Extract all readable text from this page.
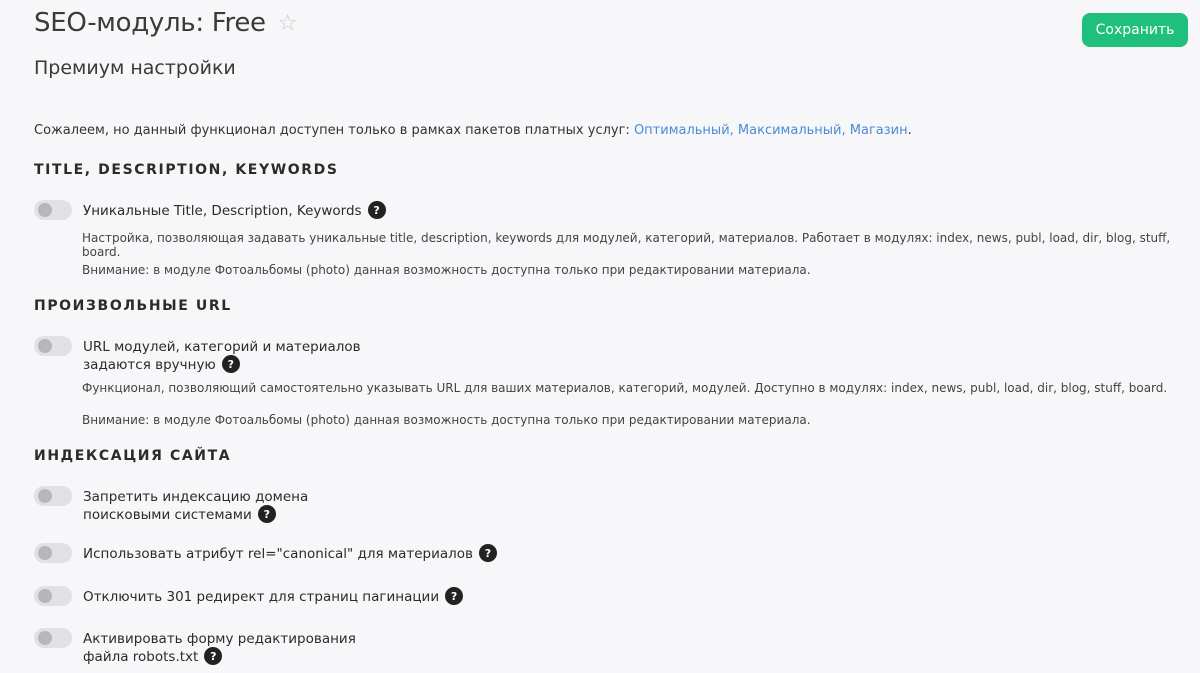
SEO-модуль: Free ☆	Сохранить
Премиум настройки
Сожалеем, но данный функционал доступен только в рамках пакетов платных услуг: Оптимальный, Максимальный, Магазин.
TITLE, DESCRIPTION, KEYWORDS
Уникальные Title, Description, Keywords ?
Настройка, позволяющая задавать уникальные title, description, keywords для модулей, категорий, материалов. Работает в модулях: index, news, publ, load, dir, blog, stuff, board.
Внимание: в модуле Фотоальбомы (photo) данная возможность доступна только при редактировании материала.
ПРОИЗВОЛЬНЫЕ URL
URL модулей, категорий и материалов задаются вручную ?
Функционал, позволяющий самостоятельно указывать URL для ваших материалов, категорий, модулей. Доступно в модулях: index, news, publ, load, dir, blog, stuff, board.
Внимание: в модуле Фотоальбомы (photo) данная возможность доступна только при редактировании материала.
ИНДЕКСАЦИЯ САЙТА
Запретить индексацию домена поисковыми системами ?
Использовать атрибут rel="canonical" для материалов ?
Отключить 301 редирект для страниц пагинации ?
Активировать форму редактирования файла robots.txt ?
